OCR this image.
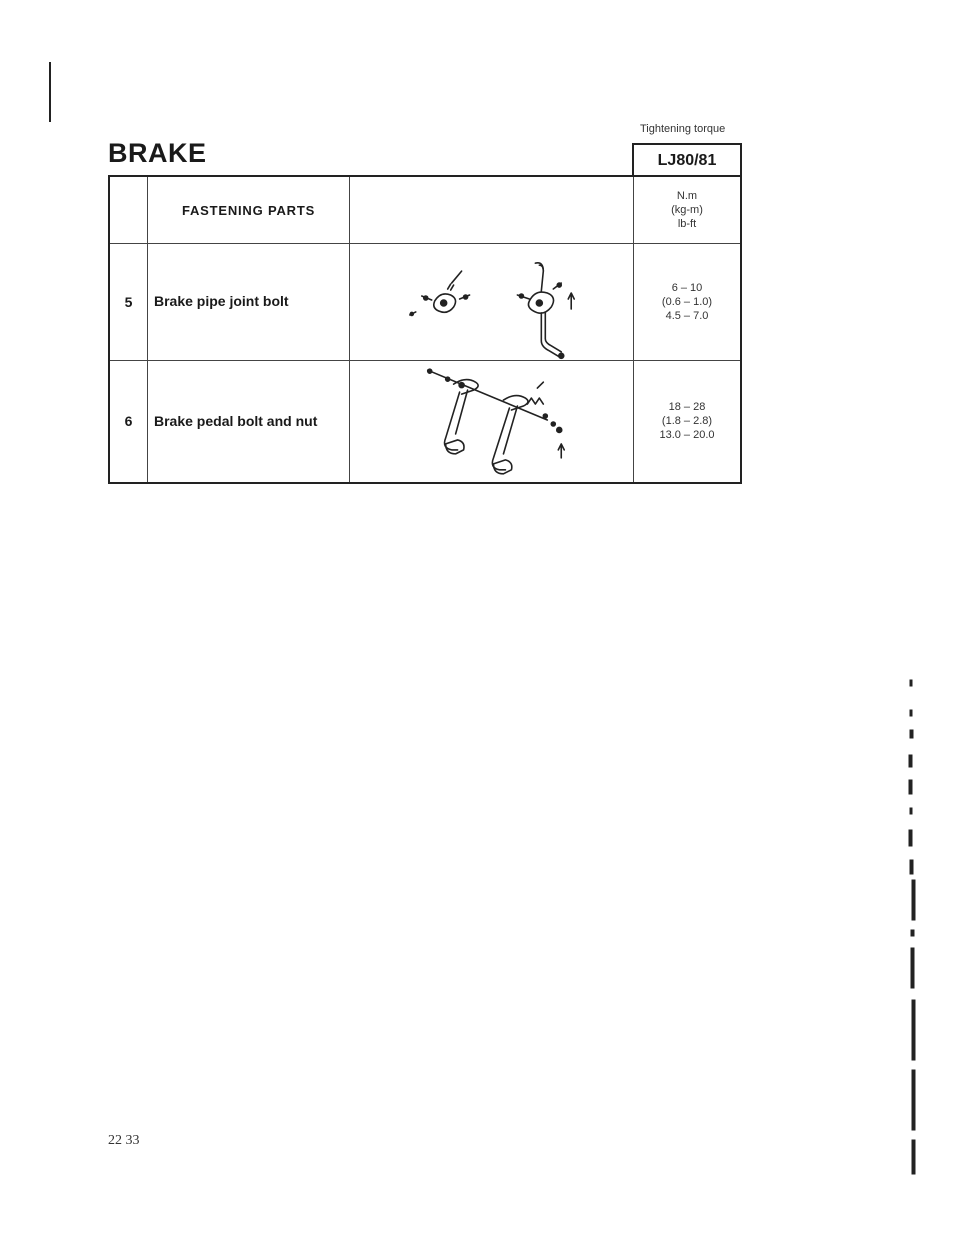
BRAKE
Tightening torque
LJ80/81
FASTENING PARTS
N.m
(kg-m)
lb-ft
5	Brake pipe joint bolt
6 – 10
(0.6 – 1.0)
4.5 – 7.0
6	Brake pedal bolt and nut
18 – 28
(1.8 – 2.8)
13.0 – 20.0
22 33
